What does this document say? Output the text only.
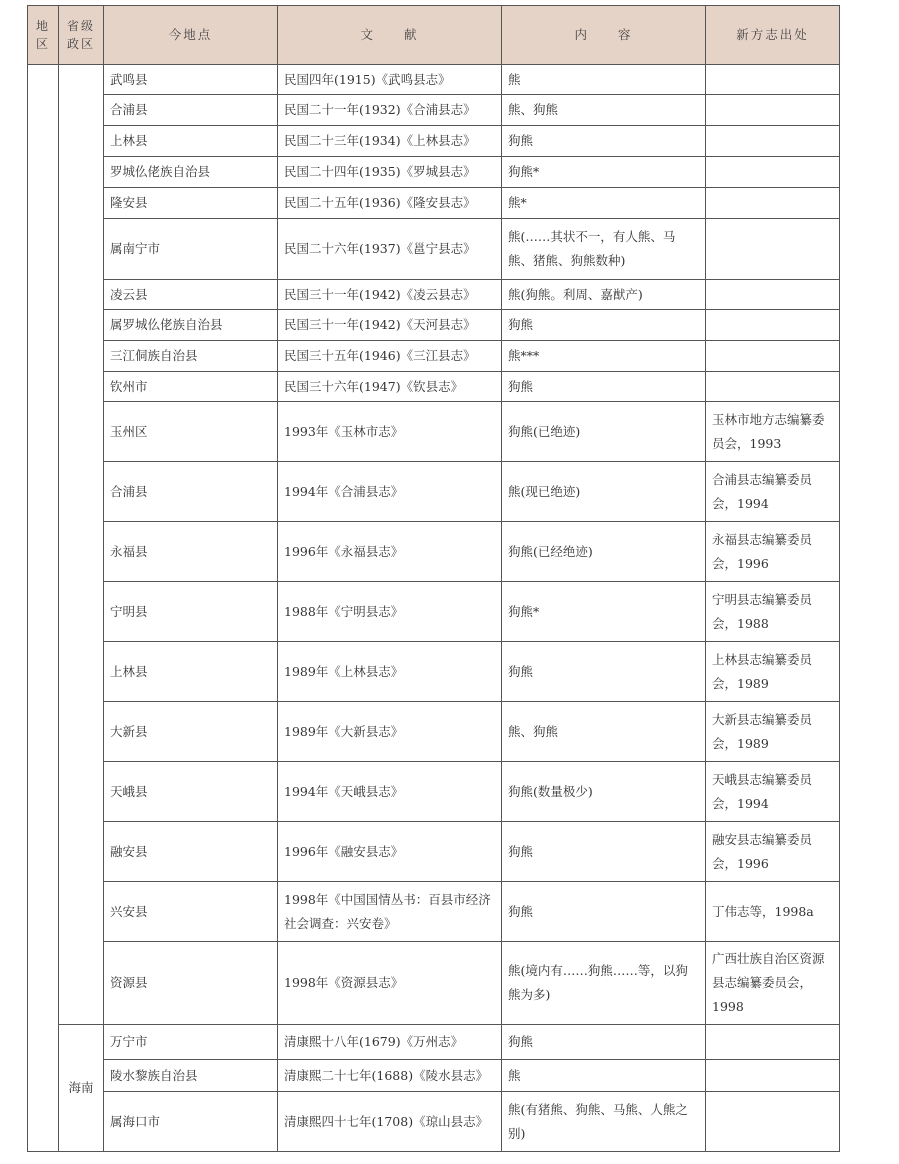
地区	省级政区	今地点	文　　献	内　　容	新方志出处
		武鸣县	民国四年(1915)《武鸣县志》	熊	
		合浦县	民国二十一年(1932)《合浦县志》	熊、狗熊	
		上林县	民国二十三年(1934)《上林县志》	狗熊	
		罗城仫佬族自治县	民国二十四年(1935)《罗城县志》	狗熊*	
		隆安县	民国二十五年(1936)《隆安县志》	熊*	
		属南宁市	民国二十六年(1937)《邕宁县志》	熊(……其状不一，有人熊、马熊、猪熊、狗熊数种)	
		凌云县	民国三十一年(1942)《凌云县志》	熊(狗熊。利周、嘉猷产)	
		属罗城仫佬族自治县	民国三十一年(1942)《天河县志》	狗熊	
		三江侗族自治县	民国三十五年(1946)《三江县志》	熊***	
		钦州市	民国三十六年(1947)《钦县志》	狗熊	
		玉州区	1993年《玉林市志》	狗熊(已绝迹)	玉林市地方志编纂委员会，1993
		合浦县	1994年《合浦县志》	熊(现已绝迹)	合浦县志编纂委员会，1994
		永福县	1996年《永福县志》	狗熊(已经绝迹)	永福县志编纂委员会，1996
		宁明县	1988年《宁明县志》	狗熊*	宁明县志编纂委员会，1988
		上林县	1989年《上林县志》	狗熊	上林县志编纂委员会，1989
		大新县	1989年《大新县志》	熊、狗熊	大新县志编纂委员会，1989
		天峨县	1994年《天峨县志》	狗熊(数量极少)	天峨县志编纂委员会，1994
		融安县	1996年《融安县志》	狗熊	融安县志编纂委员会，1996
		兴安县	1998年《中国国情丛书：百县市经济社会调查：兴安卷》	狗熊	丁伟志等，1998a
		资源县	1998年《资源县志》	熊(境内有……狗熊……等，以狗熊为多)	广西壮族自治区资源县志编纂委员会，1998
	海南	万宁市	清康熙十八年(1679)《万州志》	狗熊	
		陵水黎族自治县	清康熙二十七年(1688)《陵水县志》	熊	
		属海口市	清康熙四十七年(1708)《琼山县志》	熊(有猪熊、狗熊、马熊、人熊之别)	
